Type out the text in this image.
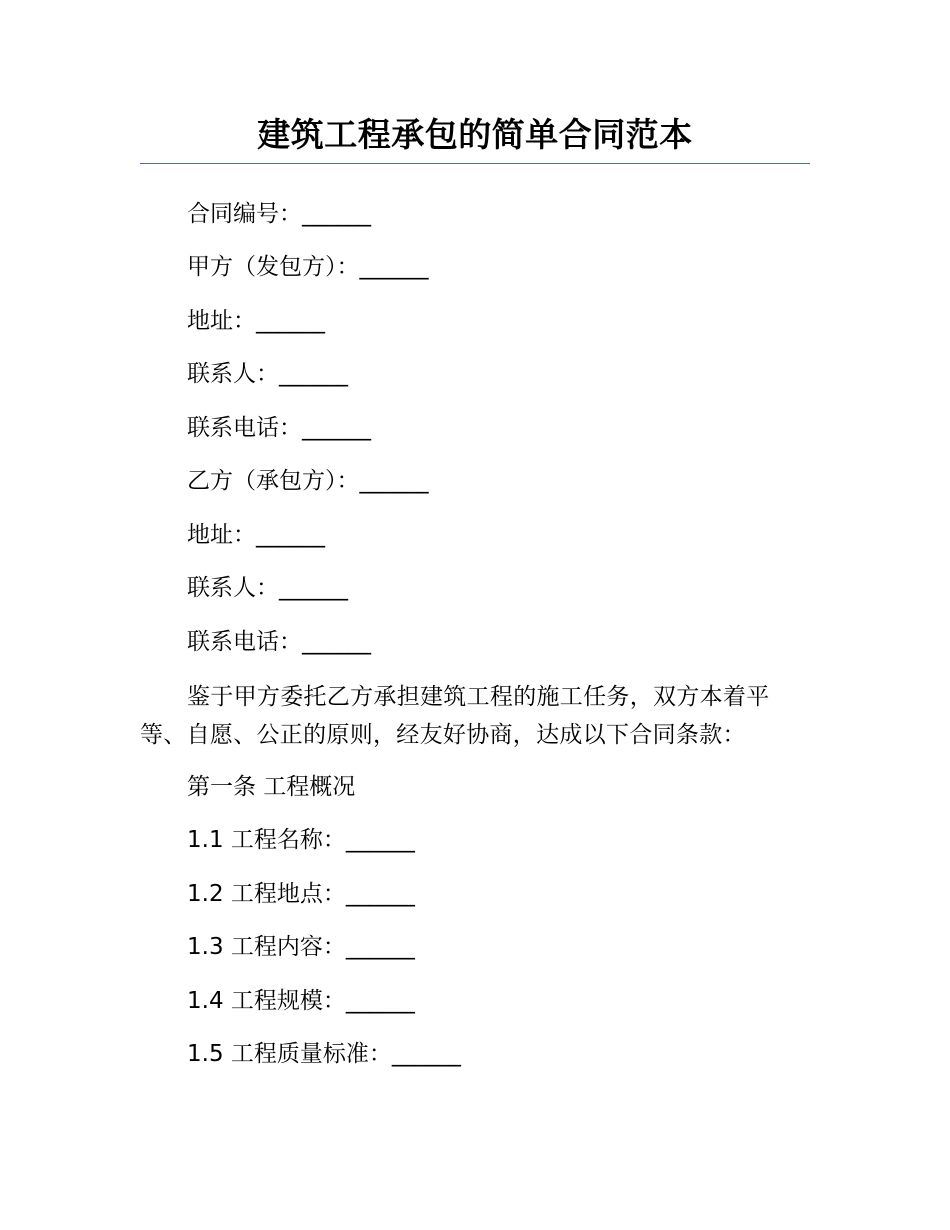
建筑工程承包的简单合同范本
合同编号：______
甲方（发包方）：______
地址：______
联系人：______
联系电话：______
乙方（承包方）：______
地址：______
联系人：______
联系电话：______
鉴于甲方委托乙方承担建筑工程的施工任务，双方本着平等、自愿、公正的原则，经友好协商，达成以下合同条款：
第一条 工程概况
1.1 工程名称：______
1.2 工程地点：______
1.3 工程内容：______
1.4 工程规模：______
1.5 工程质量标准：______
